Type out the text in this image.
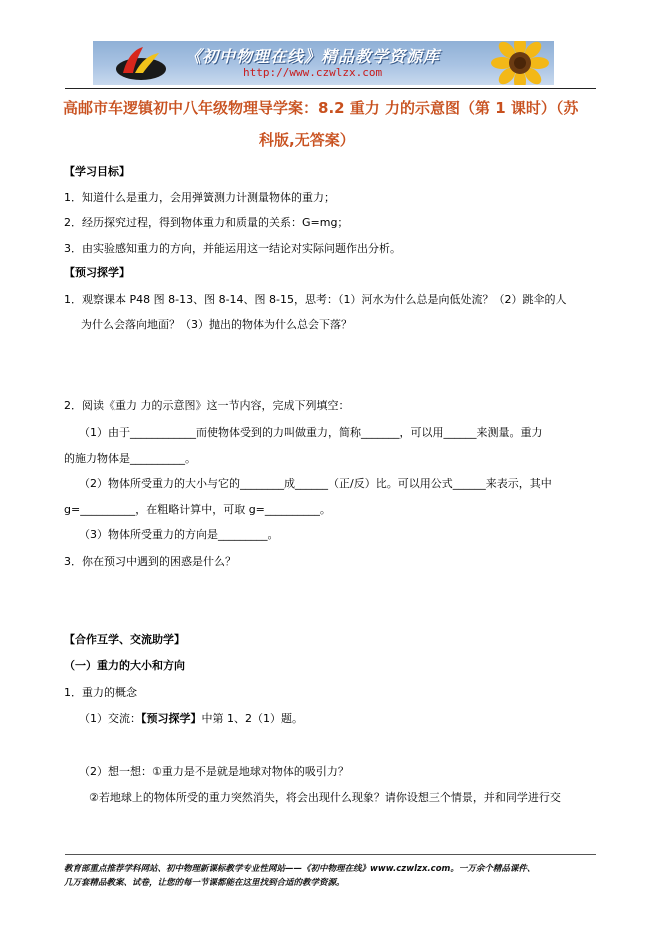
《初中物理在线》精品教学资源库
http://www.czwlzx.com
高邮市车逻镇初中八年级物理导学案：8.2 重力 力的示意图（第 1 课时）（苏
科版,无答案）
【学习目标】
1．知道什么是重力，会用弹簧测力计测量物体的重力；
2．经历探究过程，得到物体重力和质量的关系：G=mg；
3．由实验感知重力的方向，并能运用这一结论对实际问题作出分析。
【预习探学】
1．观察课本 P48 图 8-13、图 8-14、图 8-15，思考：（1）河水为什么总是向低处流？（2）跳伞的人
为什么会落向地面？（3）抛出的物体为什么总会下落？
2．阅读《重力 力的示意图》这一节内容，完成下列填空：
（1）由于____________而使物体受到的力叫做重力，简称_______，可以用______来测量。重力
的施力物体是__________。
（2）物体所受重力的大小与它的________成______（正/反）比。可以用公式______来表示，其中
g=__________，在粗略计算中，可取 g=__________。
（3）物体所受重力的方向是_________。
3．你在预习中遇到的困惑是什么？
【合作互学、交流助学】
（一）重力的大小和方向
1．重力的概念
（1）交流：【预习探学】中第 1、2（1）题。
（2）想一想：①重力是不是就是地球对物体的吸引力？
②若地球上的物体所受的重力突然消失，将会出现什么现象？请你设想三个情景，并和同学进行交
教育部重点推荐学科网站、初中物理新课标教学专业性网站——《初中物理在线》www.czwlzx.com。一万余个精品课件、
几万套精品教案、试卷，让您的每一节课都能在这里找到合适的教学资源。
